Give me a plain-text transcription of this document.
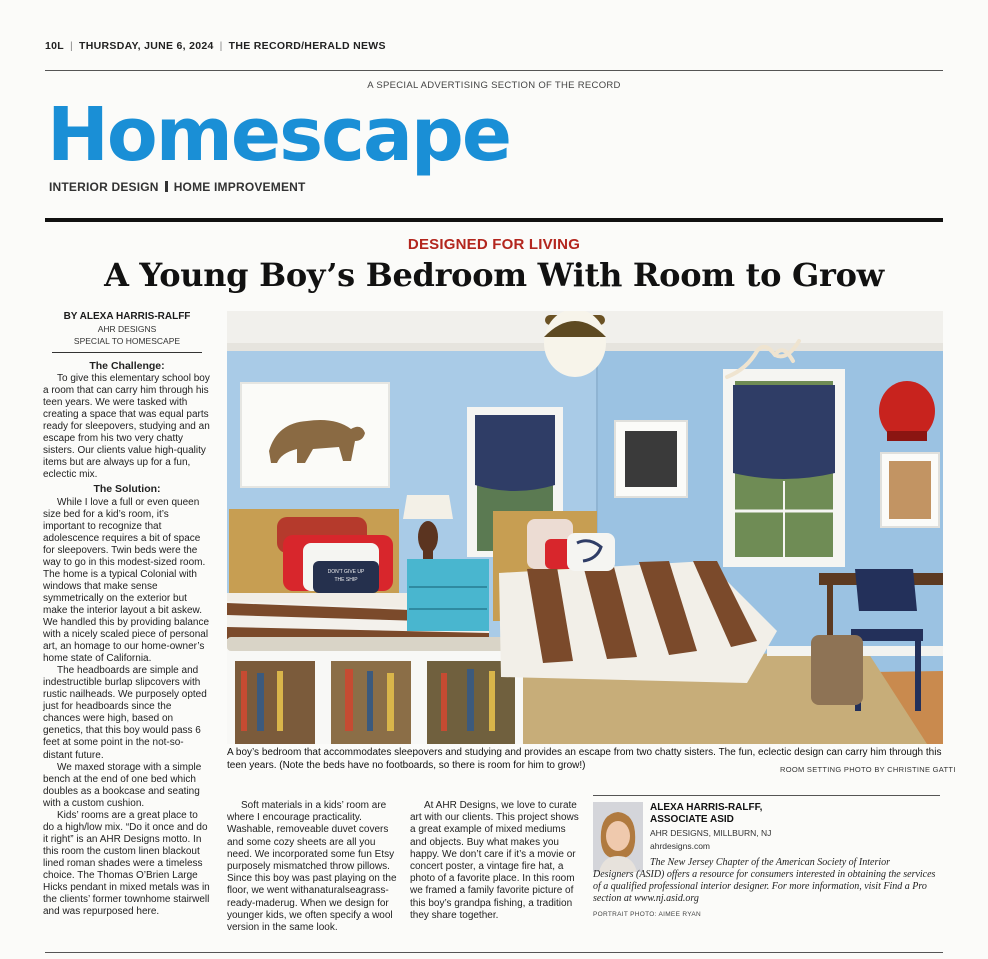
10L | THURSDAY, JUNE 6, 2024 | THE RECORD/HERALD NEWS
A SPECIAL ADVERTISING SECTION OF THE RECORD
Homescape
INTERIOR DESIGN HOME IMPROVEMENT
DESIGNED FOR LIVING
A Young Boy’s Bedroom With Room to Grow
BY ALEXA HARRIS-RALFF
AHR DESIGNS
SPECIAL TO HOMESCAPE
The Challenge:

To give this elementary school boy a room that can carry him through his teen years. We were tasked with creating a space that was equal parts ready for sleepovers, studying and an escape from his two very chatty sisters. Our clients value high-quality items but are always up for a fun, eclectic mix.

The Solution:

While I love a full or even queen size bed for a kid’s room, it’s important to recognize that adolescence requires a bit of space for sleepovers. Twin beds were the way to go in this modest-sized room. The home is a typical Colonial with windows that make sense symmetrically on the exterior but make the interior layout a bit askew. We handled this by providing balance with a nicely scaled piece of personal art, an homage to our home-owner’s home state of California.

The headboards are simple and indestructible burlap slipcovers with rustic nailheads. We purposely opted just for headboards since the chances were high, based on genetics, that this boy would pass 6 feet at some point in the not-so-distant future.

We maxed storage with a simple bench at the end of one bed which doubles as a bookcase and seating with a custom cushion.

Kids’ rooms are a great place to do a high/low mix. “Do it once and do it right” is an AHR Designs motto. In this room the custom linen blackout lined roman shades were a timeless choice. The Thomas O’Brien Large Hicks pendant in mixed metals was in the clients’ former townhome stairwell and was repurposed here.

DON'T GIVE UP
THE SHIP
A boy’s bedroom that accommodates sleepovers and studying and provides an escape from two chatty sisters. The fun, eclectic design can carry him through this teen years. (Note the beds have no footboards, so there is room for him to grow!)	ROOM SETTING PHOTO BY CHRISTINE GATTI

Soft materials in a kids’ room are where I encourage practicality. Washable, removeable duvet covers and some cozy sheets are all you need. We incorporated some fun Etsy purposely mismatched throw pillows. Since this boy was past playing on the floor, we went withanaturalseagrass-ready-maderug. When we design for younger kids, we often specify a wool version in the same look.

At AHR Designs, we love to curate art with our clients. This project shows a great example of mixed mediums and objects. Buy what makes you happy. We don’t care if it’s a movie or concert poster, a vintage fire hat, a photo of a favorite place. In this room we framed a family favorite picture of this boy’s grandpa fishing, a tradition they share together.

ALEXA HARRIS-RALFF,
ASSOCIATE ASID
AHR DESIGNS, MILLBURN, NJ
ahrdesigns.com
The New Jersey Chapter of the American Society of Interior
Designers (ASID) offers a resource for consumers interested in obtaining the services of a qualified professional interior designer. For more information, visit Find a Pro section at www.nj.asid.org
PORTRAIT PHOTO: AIMEE RYAN
